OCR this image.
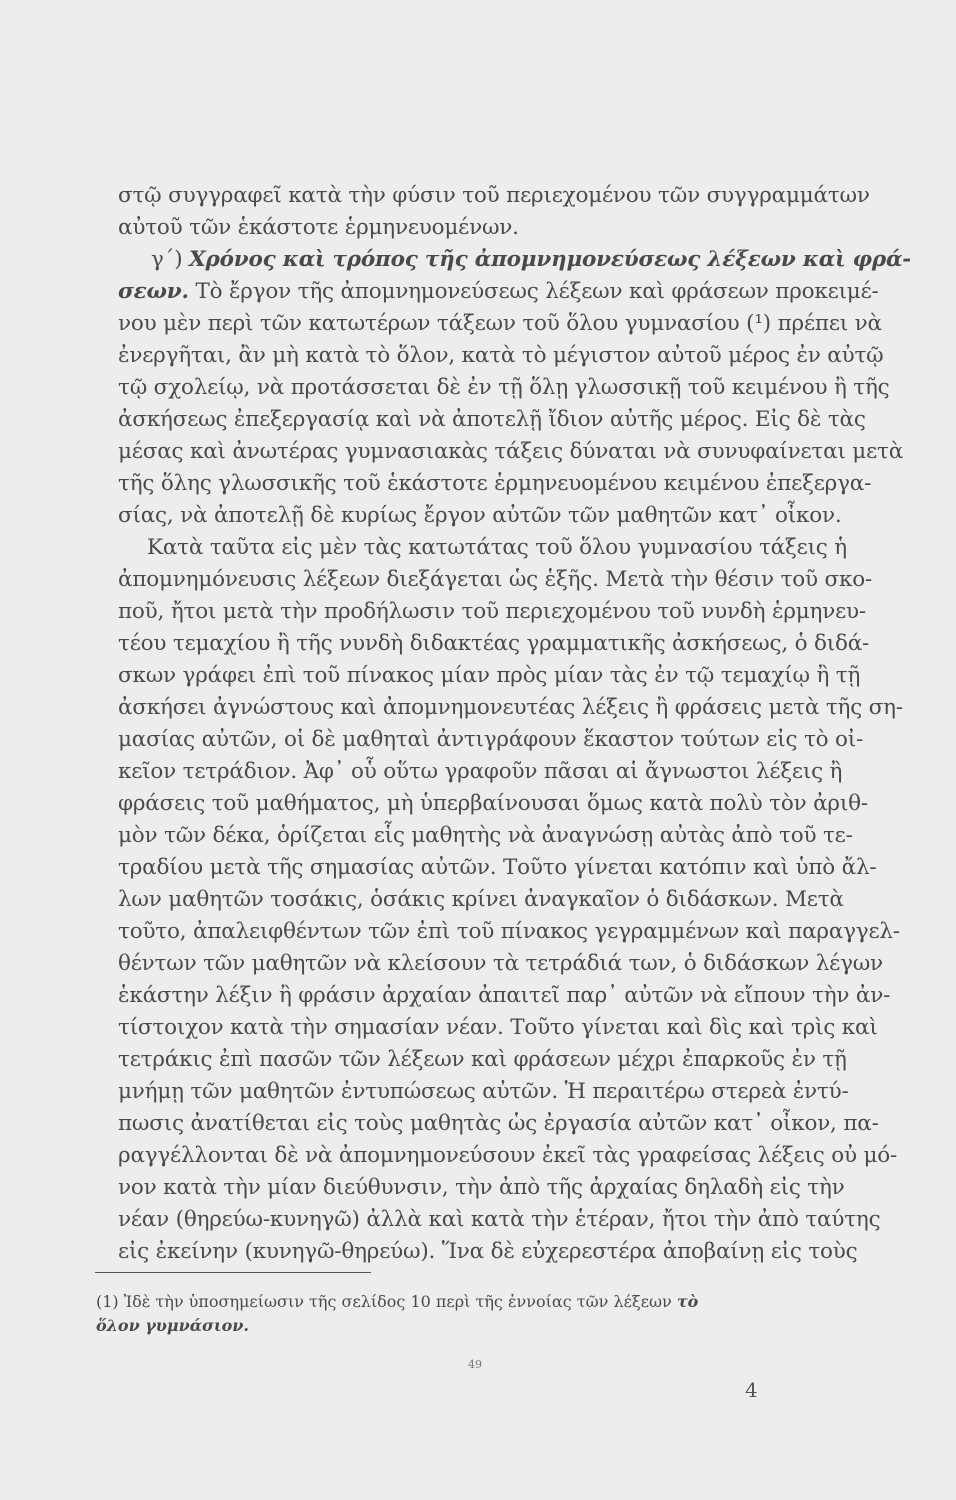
στῷ συγγραφεῖ κατὰ τὴν φύσιν τοῦ περιεχομένου τῶν συγγραμμάτων
αὐτοῦ τῶν ἑκάστοτε ἑρμηνευομένων.
γ΄) Χρόνος καὶ τρόπος τῆς ἀπομνημονεύσεως λέξεων καὶ φρά-
σεων. Τὸ ἔργον τῆς ἀπομνημονεύσεως λέξεων καὶ φράσεων προκειμέ-
νου μὲν περὶ τῶν κατωτέρων τάξεων τοῦ ὅλου γυμνασίου (¹) πρέπει νὰ
ἐνεργῆται, ἂν μὴ κατὰ τὸ ὅλον, κατὰ τὸ μέγιστον αὐτοῦ μέρος ἐν αὐτῷ
τῷ σχολείῳ, νὰ προτάσσεται δὲ ἐν τῇ ὅλῃ γλωσσικῇ τοῦ κειμένου ἢ τῆς
ἀσκήσεως ἐπεξεργασίᾳ καὶ νὰ ἀποτελῇ ἴδιον αὐτῆς μέρος. Εἰς δὲ τὰς
μέσας καὶ ἀνωτέρας γυμνασιακὰς τάξεις δύναται νὰ συνυφαίνεται μετὰ
τῆς ὅλης γλωσσικῆς τοῦ ἑκάστοτε ἑρμηνευομένου κειμένου ἐπεξεργα-
σίας, νὰ ἀποτελῇ δὲ κυρίως ἔργον αὐτῶν τῶν μαθητῶν κατ᾽ οἶκον.
Κατὰ ταῦτα εἰς μὲν τὰς κατωτάτας τοῦ ὅλου γυμνασίου τάξεις ἡ
ἀπομνημόνευσις λέξεων διεξάγεται ὡς ἑξῆς. Μετὰ τὴν θέσιν τοῦ σκο-
ποῦ, ἤτοι μετὰ τὴν προδήλωσιν τοῦ περιεχομένου τοῦ νυνδὴ ἑρμηνευ-
τέου τεμαχίου ἢ τῆς νυνδὴ διδακτέας γραμματικῆς ἀσκήσεως, ὁ διδά-
σκων γράφει ἐπὶ τοῦ πίνακος μίαν πρὸς μίαν τὰς ἐν τῷ τεμαχίῳ ἢ τῇ
ἀσκήσει ἀγνώστους καὶ ἀπομνημονευτέας λέξεις ἢ φράσεις μετὰ τῆς ση-
μασίας αὐτῶν, οἱ δὲ μαθηταὶ ἀντιγράφουν ἕκαστον τούτων εἰς τὸ οἰ-
κεῖον τετράδιον. Ἀφ᾽ οὗ οὕτω γραφοῦν πᾶσαι αἱ ἄγνωστοι λέξεις ἢ
φράσεις τοῦ μαθήματος, μὴ ὑπερβαίνουσαι ὅμως κατὰ πολὺ τὸν ἀριθ-
μὸν τῶν δέκα, ὁρίζεται εἷς μαθητὴς νὰ ἀναγνώσῃ αὐτὰς ἀπὸ τοῦ τε-
τραδίου μετὰ τῆς σημασίας αὐτῶν. Τοῦτο γίνεται κατόπιν καὶ ὑπὸ ἄλ-
λων μαθητῶν τοσάκις, ὁσάκις κρίνει ἀναγκαῖον ὁ διδάσκων. Μετὰ
τοῦτο, ἀπαλειφθέντων τῶν ἐπὶ τοῦ πίνακος γεγραμμένων καὶ παραγγελ-
θέντων τῶν μαθητῶν νὰ κλείσουν τὰ τετράδιά των, ὁ διδάσκων λέγων
ἑκάστην λέξιν ἢ φράσιν ἀρχαίαν ἀπαιτεῖ παρ᾽ αὐτῶν νὰ εἴπουν τὴν ἀν-
τίστοιχον κατὰ τὴν σημασίαν νέαν. Τοῦτο γίνεται καὶ δὶς καὶ τρὶς καὶ
τετράκις ἐπὶ πασῶν τῶν λέξεων καὶ φράσεων μέχρι ἐπαρκοῦς ἐν τῇ
μνήμῃ τῶν μαθητῶν ἐντυπώσεως αὐτῶν. Ἡ περαιτέρω στερεὰ ἐντύ-
πωσις ἀνατίθεται εἰς τοὺς μαθητὰς ὡς ἐργασία αὐτῶν κατ᾽ οἶκον, πα-
ραγγέλλονται δὲ νὰ ἀπομνημονεύσουν ἐκεῖ τὰς γραφείσας λέξεις οὐ μό-
νον κατὰ τὴν μίαν διεύθυνσιν, τὴν ἀπὸ τῆς ἀρχαίας δηλαδὴ εἰς τὴν
νέαν (θηρεύω-κυνηγῶ) ἀλλὰ καὶ κατὰ τὴν ἑτέραν, ἤτοι τὴν ἀπὸ ταύτης
εἰς ἐκείνην (κυνηγῶ-θηρεύω). Ἵνα δὲ εὐχερεστέρα ἀποβαίνῃ εἰς τοὺς
(1) Ἰδὲ τὴν ὑποσημείωσιν τῆς σελίδος 10 περὶ τῆς ἐννοίας τῶν λέξεων τὸ
ὅλον γυμνάσιον.
49
4
